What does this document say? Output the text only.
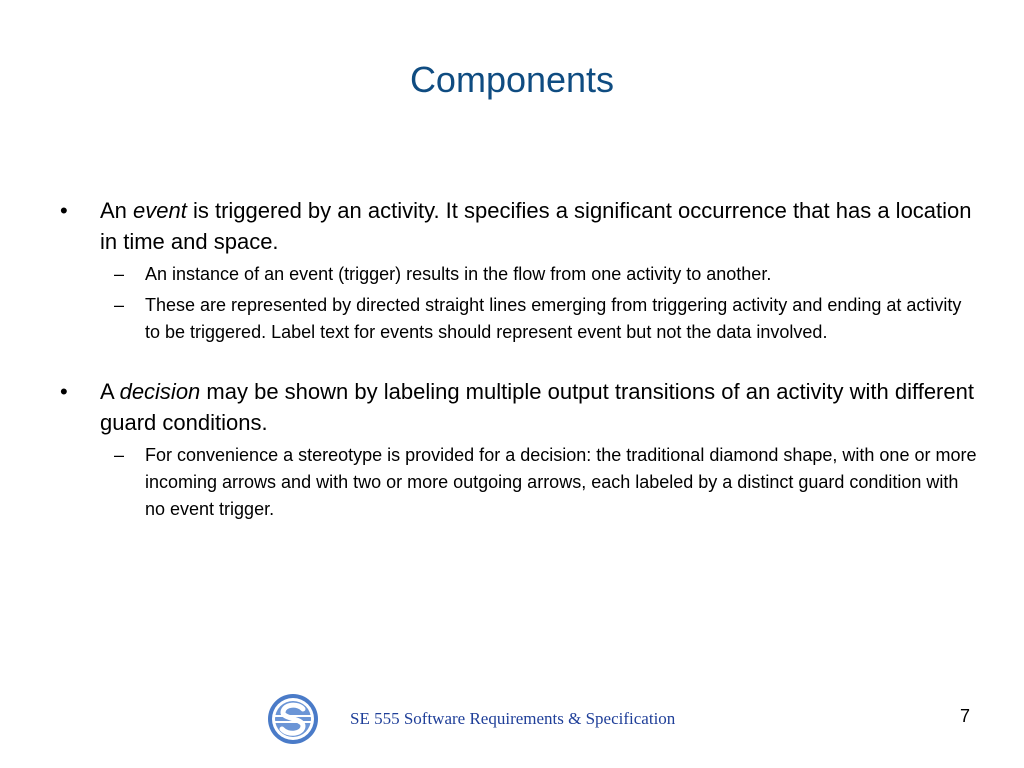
Components
•	An event is triggered by an activity. It specifies a significant occurrence that has a location in time and space.
– An instance of an event (trigger) results in the flow from one activity to another.
– These are represented by directed straight lines emerging from triggering activity and ending at activity to be triggered. Label text for events should represent event but not the data involved.
•	A decision may be shown by labeling multiple output transitions of an activity with different guard conditions.
– For convenience a stereotype is provided for a decision: the traditional diamond shape, with one or more incoming arrows and with two or more outgoing arrows, each labeled by a distinct guard condition with no event trigger.
SE 555 Software Requirements & Specification	7
